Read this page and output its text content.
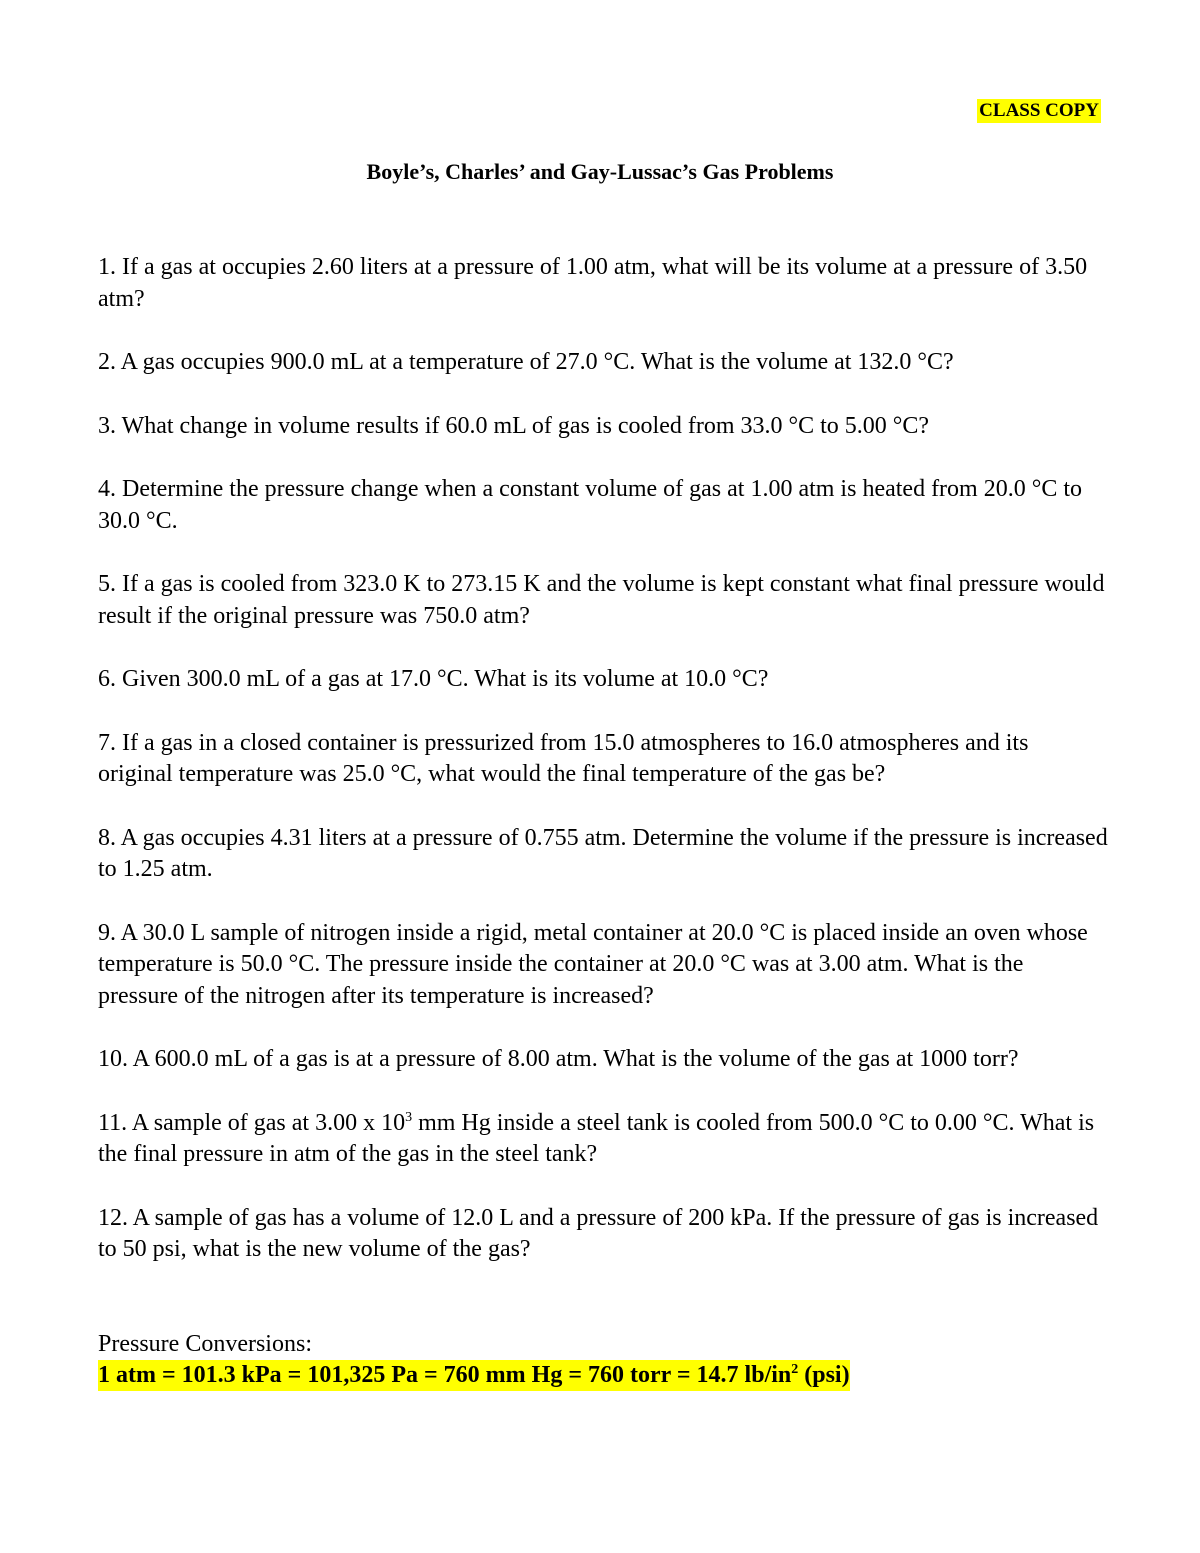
CLASS COPY
Boyle’s, Charles’ and Gay-Lussac’s Gas Problems

1. If a gas at occupies 2.60 liters at a pressure of 1.00 atm, what will be its volume at a pressure of 3.50 atm?

2. A gas occupies 900.0 mL at a temperature of 27.0 °C. What is the volume at 132.0 °C?

3. What change in volume results if 60.0 mL of gas is cooled from 33.0 °C to 5.00 °C?

4. Determine the pressure change when a constant volume of gas at 1.00 atm is heated from 20.0 °C to 30.0 °C.

5. If a gas is cooled from 323.0 K to 273.15 K and the volume is kept constant what final pressure would result if the original pressure was 750.0 atm?

6. Given 300.0 mL of a gas at 17.0 °C. What is its volume at 10.0 °C?

7. If a gas in a closed container is pressurized from 15.0 atmospheres to 16.0 atmospheres and its original temperature was 25.0 °C, what would the final temperature of the gas be?

8. A gas occupies 4.31 liters at a pressure of 0.755 atm. Determine the volume if the pressure is increased to 1.25 atm.

9. A 30.0 L sample of nitrogen inside a rigid, metal container at 20.0 °C is placed inside an oven whose temperature is 50.0 °C. The pressure inside the container at 20.0 °C was at 3.00 atm. What is the pressure of the nitrogen after its temperature is increased?

10. A 600.0 mL of a gas is at a pressure of 8.00 atm. What is the volume of the gas at 1000 torr?

11. A sample of gas at 3.00 x $10^3$ mm Hg inside a steel tank is cooled from 500.0 °C to 0.00 °C. What is the final pressure in atm of the gas in the steel tank?

12. A sample of gas has a volume of 12.0 L and a pressure of 200 kPa. If the pressure of gas is increased to 50 psi, what is the new volume of the gas?

Pressure Conversions:
1 atm = 101.3 kPa = 101,325 Pa = 760 mm Hg = 760 torr = 14.7 $lb/in^2$ (psi)
